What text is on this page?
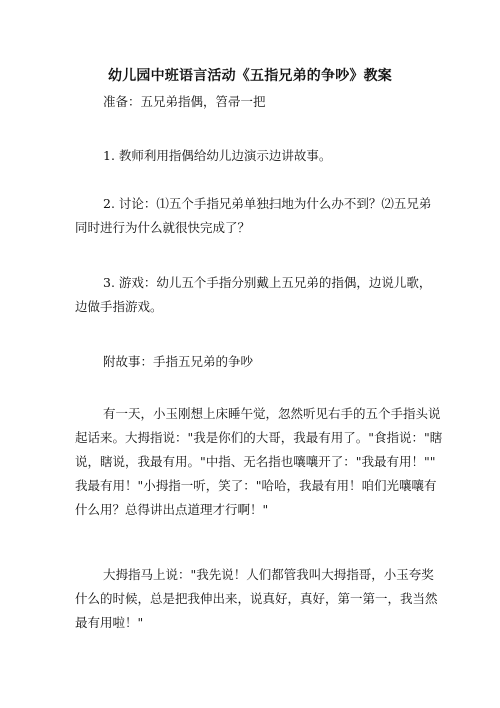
幼儿园中班语言活动《五指兄弟的争吵》教案
准备：五兄弟指偶，笤帚一把
1. 教师利用指偶给幼儿边演示边讲故事。
2. 讨论：⑴五个手指兄弟单独扫地为什么办不到？⑵五兄弟
同时进行为什么就很快完成了？
3. 游戏：幼儿五个手指分别戴上五兄弟的指偶，边说儿歌，
边做手指游戏。
附故事：手指五兄弟的争吵
有一天，小玉刚想上床睡午觉，忽然听见右手的五个手指头说
起话来。大拇指说："我是你们的大哥，我最有用了。"食指说："瞎
说，瞎说，我最有用。"中指、无名指也嚷嚷开了："我最有用！""
我最有用！"小拇指一听，笑了："哈哈，我最有用！咱们光嚷嚷有
什么用？总得讲出点道理才行啊！"
大拇指马上说："我先说！人们都管我叫大拇指哥，小玉夸奖
什么的时候，总是把我伸出来，说真好，真好，第一第一，我当然
最有用啦！"
